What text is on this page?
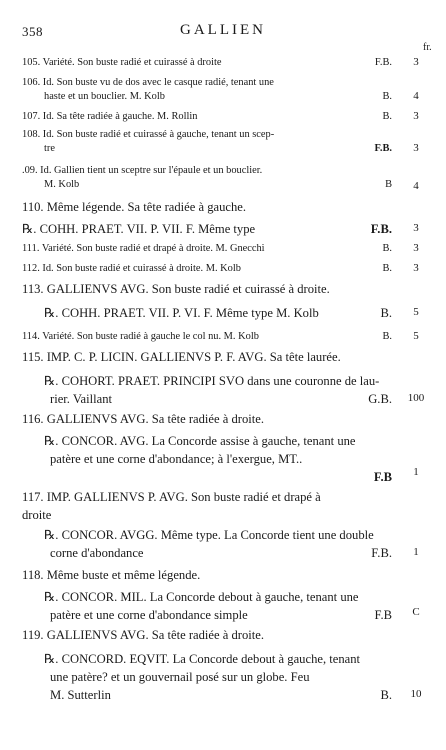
358	GALLIEN
fr.
105. Variété. Son buste radié et cuirassé à droite	F.B.	3
106. Id. Son buste vu de dos avec le casque radié, tenant une
haste et un bouclier. M. Kolb	B.	4
107. Id. Sa tête radiée à gauche. M. Rollin	B.	3
108. Id. Son buste radié et cuirassé à gauche, tenant un scep-
tre	F.B.	3
.09. Id. Gallien tient un sceptre sur l'épaule et un bouclier.
M. Kolb	B	4
110. Même légende. Sa tête radiée à gauche.
℞. COHH. PRAET. VII. P. VII. F. Même type	F.B.	3
111. Variété. Son buste radié et drapé à droite. M. Gnecchi	B.	3
112. Id. Son buste radié et cuirassé à droite. M. Kolb	B.	3
113. GALLIENVS AVG. Son buste radié et cuirassé à droite.
℞. COHH. PRAET. VII. P. VI. F. Même type M. Kolb	B.	5
114. Variété. Son buste radié à gauche le col nu. M. Kolb	B.	5
115. IMP. C. P. LICIN. GALLIENVS P. F. AVG. Sa tête laurée.
℞. COHORT. PRAET. PRINCIPI SVO dans une couronne de lau-
rier. Vaillant	G.B.	100
116. GALLIENVS AVG. Sa tête radiée à droite.
℞. CONCOR. AVG. La Concorde assise à gauche, tenant une
patère et une corne d'abondance; à l'exergue, MT..
F.B	1
117. IMP. GALLIENVS P. AVG. Son buste radié et drapé à
droite
℞. CONCOR. AVGG. Même type. La Concorde tient une double
corne d'abondance	F.B.	1
118. Même buste et même légende.
℞. CONCOR. MIL. La Concorde debout à gauche, tenant une
patère et une corne d'abondance simple	F.B	C
119. GALLIENVS AVG. Sa tête radiée à droite.
℞. CONCORD. EQVIT. La Concorde debout à gauche, tenant
une patère? et un gouvernail posé sur un globe. Feu
M. Sutterlin	B.	10
